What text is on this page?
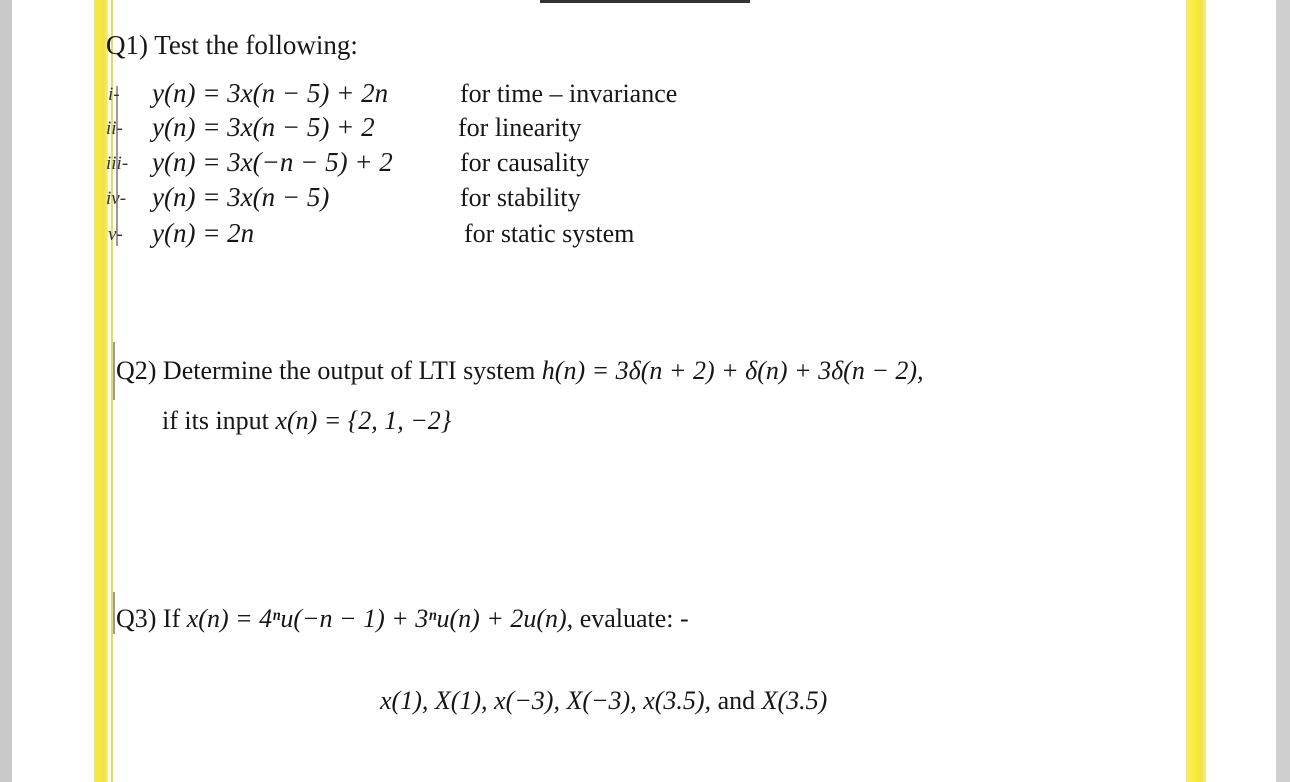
Q1) Test the following:
i- y(n) = 3x(n − 5) + 2n	for time – invariance
ii- y(n) = 3x(n − 5) + 2	for linearity
iii- y(n) = 3x(−n − 5) + 2	for causality
iv- y(n) = 3x(n − 5)	for stability
v- y(n) = 2n	for static system
Q2) Determine the output of LTI system h(n) = 3δ(n + 2) + δ(n) + 3δ(n − 2),
if its input x(n) = {2, 1, −2}
Q3) If x(n) = 4ⁿu(−n − 1) + 3ⁿu(n) + 2u(n), evaluate: -
x(1), X(1), x(−3), X(−3), x(3.5), and X(3.5)
